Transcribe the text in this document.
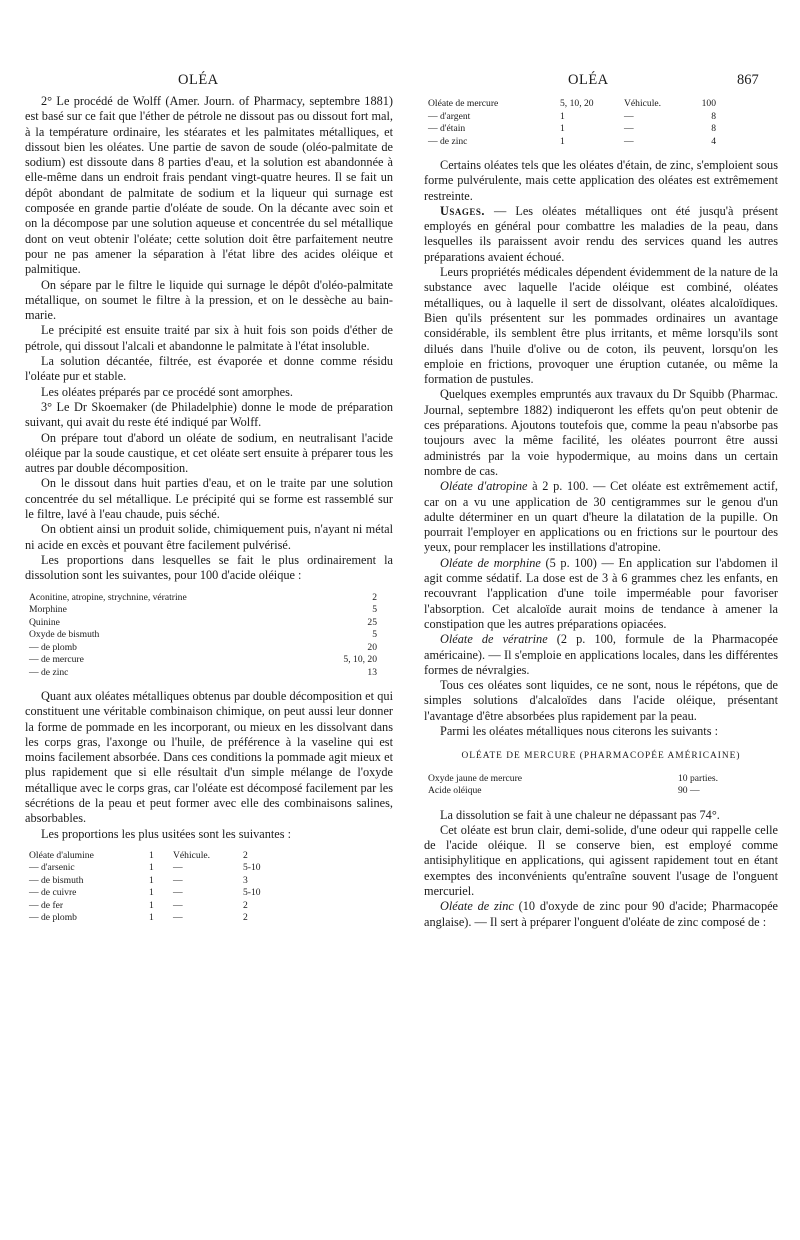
OLÉA	OLÉA	867

2° Le procédé de Wolff (Amer. Journ. of Pharmacy, septembre 1881) est basé sur ce fait que l'éther de pétrole ne dissout pas ou dissout fort mal, à la température ordinaire, les stéarates et les palmitates métalliques, et dissout bien les oléates. Une partie de savon de soude (oléo-palmitate de sodium) est dissoute dans 8 parties d'eau, et la solution est abandonnée à elle-même dans un endroit frais pendant vingt-quatre heures. Il se fait un dépôt abondant de palmitate de sodium et la liqueur qui surnage est composée en grande partie d'oléate de soude. On la décante avec soin et on la décompose par une solution aqueuse et concentrée du sel métallique dont on veut obtenir l'oléate; cette solution doit être parfaitement neutre pour ne pas amener la séparation à l'état libre des acides oléique et palmitique.

On sépare par le filtre le liquide qui surnage le dépôt d'oléo-palmitate métallique, on soumet le filtre à la pression, et on le dessèche au bain-marie.

Le précipité est ensuite traité par six à huit fois son poids d'éther de pétrole, qui dissout l'alcali et abandonne le palmitate à l'état insoluble.

La solution décantée, filtrée, est évaporée et donne comme résidu l'oléate pur et stable.

Les oléates préparés par ce procédé sont amorphes.

3° Le Dr Skoemaker (de Philadelphie) donne le mode de préparation suivant, qui avait du reste été indiqué par Wolff.

On prépare tout d'abord un oléate de sodium, en neutralisant l'acide oléique par la soude caustique, et cet oléate sert ensuite à préparer tous les autres par double décomposition.

On le dissout dans huit parties d'eau, et on le traite par une solution concentrée du sel métallique. Le précipité qui se forme est rassemblé sur le filtre, lavé à l'eau chaude, puis séché.

On obtient ainsi un produit solide, chimiquement puis, n'ayant ni métal ni acide en excès et pouvant être facilement pulvérisé.

Les proportions dans lesquelles se fait le plus ordinairement la dissolution sont les suivantes, pour 100 d'acide oléique :

Aconitine, atropine, strychnine, vératrine	2
Morphine	5
Quinine	25
Oxyde de bismuth	5
— de plomb	20
— de mercure	5, 10, 20
— de zinc	13

Quant aux oléates métalliques obtenus par double décomposition et qui constituent une véritable combinaison chimique, on peut aussi leur donner la forme de pommade en les incorporant, ou mieux en les dissolvant dans les corps gras, l'axonge ou l'huile, de préférence à la vaseline qui est moins facilement absorbée. Dans ces conditions la pommade agit mieux et plus rapidement que si elle résultait d'un simple mélange de l'oxyde métallique avec le corps gras, car l'oléate est décomposé facilement par les sécrétions de la peau et peut former avec elle des combinaisons salines, absorbables.

Les proportions les plus usitées sont les suivantes :

Oléate d'alumine	1	Véhicule.	2
— d'arsenic	1	—	5-10
— de bismuth	1	—	3
— de cuivre	1	—	5-10
— de fer	1	—	2
— de plomb	1	—	2
Oléate de mercure	5, 10, 20	Véhicule.	100
— d'argent	1	—	8
— d'étain	1	—	8
— de zinc	1	—	4

Certains oléates tels que les oléates d'étain, de zinc, s'emploient sous forme pulvérulente, mais cette application des oléates est extrêmement restreinte.

Usages. — Les oléates métalliques ont été jusqu'à présent employés en général pour combattre les maladies de la peau, dans lesquelles ils paraissent avoir rendu des services quand les autres préparations avaient échoué.

Leurs propriétés médicales dépendent évidemment de la nature de la substance avec laquelle l'acide oléique est combiné, oléates métalliques, ou à laquelle il sert de dissolvant, oléates alcaloïdiques. Bien qu'ils présentent sur les pommades ordinaires un avantage considérable, ils semblent être plus irritants, et même lorsqu'ils sont dilués dans l'huile d'olive ou de coton, ils peuvent, lorsqu'on les emploie en frictions, provoquer une éruption cutanée, ou même la formation de pustules.

Quelques exemples empruntés aux travaux du Dr Squibb (Pharmac. Journal, septembre 1882) indiqueront les effets qu'on peut obtenir de ces préparations. Ajoutons toutefois que, comme la peau n'absorbe pas toujours avec la même facilité, les oléates pourront être aussi administrés par la voie hypodermique, au moins dans un certain nombre de cas.

Oléate d'atropine à 2 p. 100. — Cet oléate est extrêmement actif, car on a vu une application de 30 centigrammes sur le genou d'un adulte déterminer en un quart d'heure la dilatation de la pupille. On pourrait l'employer en applications ou en frictions sur le pourtour des yeux, pour remplacer les instillations d'atropine.

Oléate de morphine (5 p. 100) — En application sur l'abdomen il agit comme sédatif. La dose est de 3 à 6 grammes chez les enfants, en recouvrant l'application d'une toile imperméable pour favoriser l'absorption. Cet alcaloïde aurait moins de tendance à amener la constipation que les autres préparations opiacées.

Oléate de vératrine (2 p. 100, formule de la Pharmacopée américaine). — Il s'emploie en applications locales, dans les différentes formes de névralgies.

Tous ces oléates sont liquides, ce ne sont, nous le répétons, que de simples solutions d'alcaloïdes dans l'acide oléique, présentant l'avantage d'être absorbées plus rapidement par la peau.

Parmi les oléates métalliques nous citerons les suivants :

OLÉATE DE MERCURE (PHARMACOPÉE AMÉRICAINE)
Oxyde jaune de mercure	10 parties.
Acide oléique	90 —

La dissolution se fait à une chaleur ne dépassant pas 74°.

Cet oléate est brun clair, demi-solide, d'une odeur qui rappelle celle de l'acide oléique. Il se conserve bien, est employé comme antisiphylitique en applications, qui agissent rapidement tout en étant exemptes des inconvénients qu'entraîne souvent l'usage de l'onguent mercuriel.

Oléate de zinc (10 d'oxyde de zinc pour 90 d'acide; Pharmacopée anglaise). — Il sert à préparer l'onguent d'oléate de zinc composé de :
